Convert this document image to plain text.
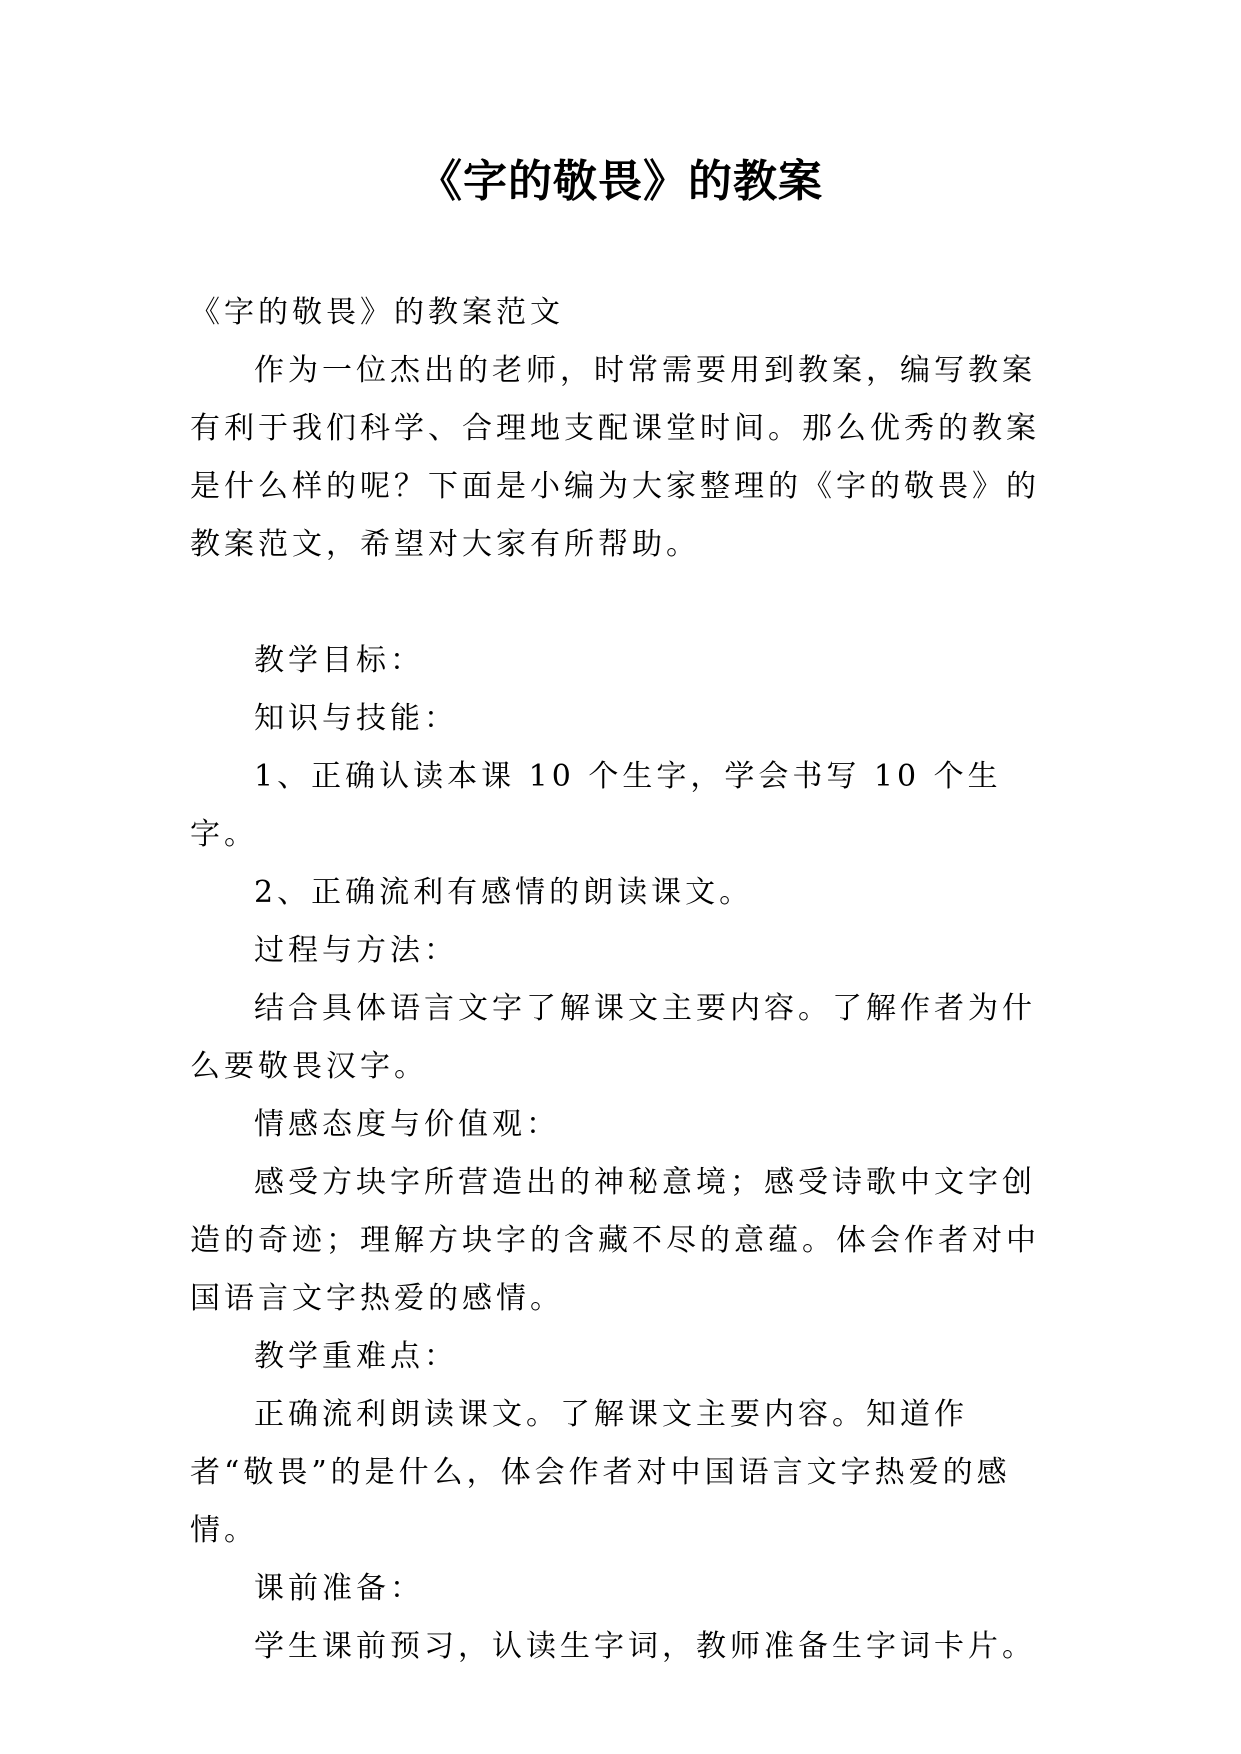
《字的敬畏》的教案

《字的敬畏》的教案范文

作为一位杰出的老师，时常需要用到教案，编写教案有利于我们科学、合理地支配课堂时间。那么优秀的教案是什么样的呢？下面是小编为大家整理的《字的敬畏》的教案范文，希望对大家有所帮助。

教学目标：

知识与技能：

1、正确认读本课 10 个生字，学会书写 10 个生字。

2、正确流利有感情的朗读课文。

过程与方法：

结合具体语言文字了解课文主要内容。了解作者为什么要敬畏汉字。

情感态度与价值观：

感受方块字所营造出的神秘意境；感受诗歌中文字创造的奇迹；理解方块字的含藏不尽的意蕴。体会作者对中国语言文字热爱的感情。

教学重难点：

正确流利朗读课文。了解课文主要内容。知道作者“敬畏”的是什么，体会作者对中国语言文字热爱的感情。

课前准备：

学生课前预习，认读生字词，教师准备生字词卡片。
